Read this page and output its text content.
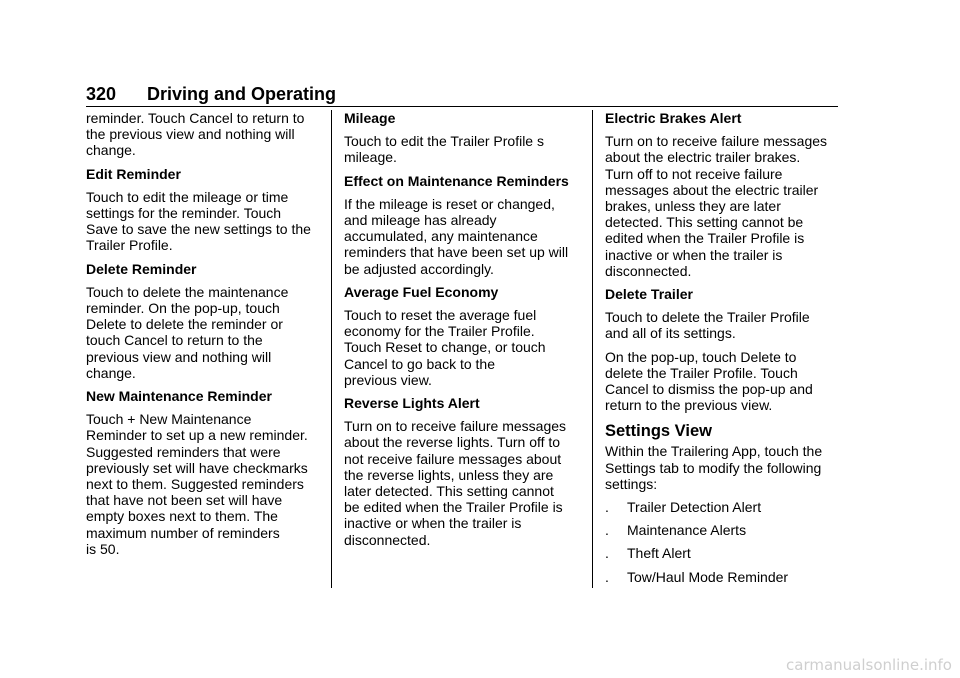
320 Driving and Operating
reminder. Touch Cancel to return to
the previous view and nothing will
change.
Edit Reminder
Touch to edit the mileage or time
settings for the reminder. Touch
Save to save the new settings to the
Trailer Profile.
Delete Reminder
Touch to delete the maintenance
reminder. On the pop-up, touch
Delete to delete the reminder or
touch Cancel to return to the
previous view and nothing will
change.
New Maintenance Reminder
Touch + New Maintenance
Reminder to set up a new reminder.
Suggested reminders that were
previously set will have checkmarks
next to them. Suggested reminders
that have not been set will have
empty boxes next to them. The
maximum number of reminders
is 50.
Mileage
Touch to edit the Trailer Profile s
mileage.
Effect on Maintenance Reminders
If the mileage is reset or changed,
and mileage has already
accumulated, any maintenance
reminders that have been set up will
be adjusted accordingly.
Average Fuel Economy
Touch to reset the average fuel
economy for the Trailer Profile.
Touch Reset to change, or touch
Cancel to go back to the
previous view.
Reverse Lights Alert
Turn on to receive failure messages
about the reverse lights. Turn off to
not receive failure messages about
the reverse lights, unless they are
later detected. This setting cannot
be edited when the Trailer Profile is
inactive or when the trailer is
disconnected.
Electric Brakes Alert
Turn on to receive failure messages
about the electric trailer brakes.
Turn off to not receive failure
messages about the electric trailer
brakes, unless they are later
detected. This setting cannot be
edited when the Trailer Profile is
inactive or when the trailer is
disconnected.
Delete Trailer
Touch to delete the Trailer Profile
and all of its settings.
On the pop-up, touch Delete to
delete the Trailer Profile. Touch
Cancel to dismiss the pop-up and
return to the previous view.
Settings View
Within the Trailering App, touch the
Settings tab to modify the following
settings:
. Trailer Detection Alert
. Maintenance Alerts
. Theft Alert
. Tow/Haul Mode Reminder
carmanualsonline.info
